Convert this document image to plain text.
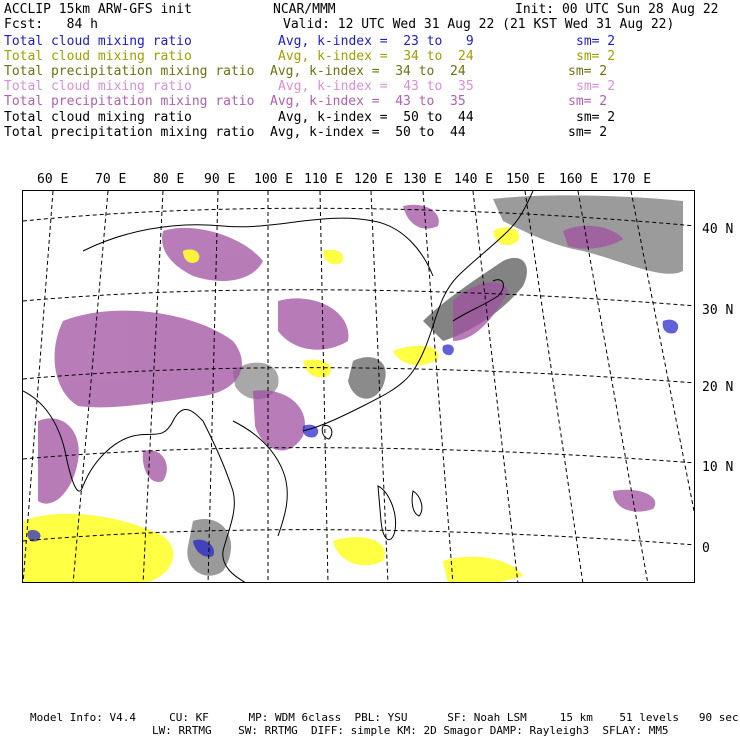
ACCLIP 15km ARW-GFS init	NCAR/MMM	Init: 00 UTC Sun 28 Aug 22
Fcst:   84 h	Valid: 12 UTC Wed 31 Aug 22 (21 KST Wed 31 Aug 22)
Total cloud mixing ratio	Avg, k-index =  23 to   9	sm= 2
Total cloud mixing ratio	Avg, k-index =  34 to  24	sm= 2
Total precipitation mixing ratio Avg, k-index =  34 to  24	sm= 2
Total cloud mixing ratio	Avg, k-index =  43 to  35	sm= 2
Total precipitation mixing ratio Avg, k-index =  43 to  35	sm= 2
Total cloud mixing ratio	Avg, k-index =  50 to  44	sm= 2
Total precipitation mixing ratio Avg, k-index =  50 to  44	sm= 2
60 E 70 E 80 E 90 E 100 E 110 E 120 E 130 E 140 E 150 E 160 E 170 E
40 N
30 N
20 N
10 N
0
Model Info: V4.4     CU: KF      MP: WDM 6class  PBL: YSU      SF: Noah LSM     15 km    51 levels   90 sec
LW: RRTMG    SW: RRTMG  DIFF: simple KM: 2D Smagor DAMP: Rayleigh3  SFLAY: MM5
